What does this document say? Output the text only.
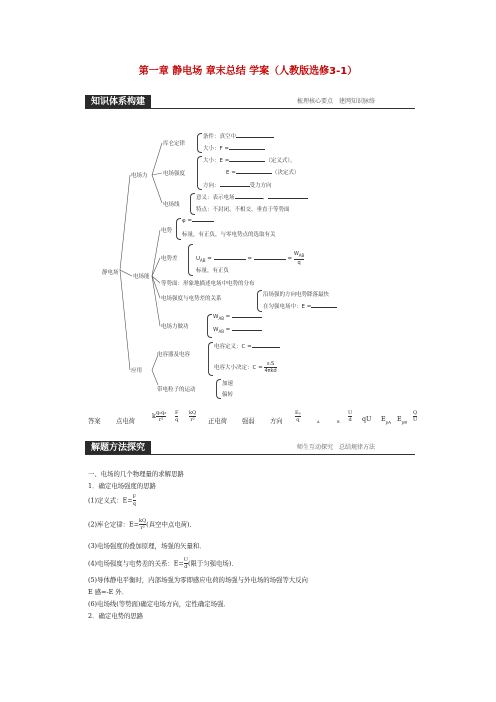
第一章 静电场 章末总结 学案（人教版选修3-1）
知识体系构建	梳理核心要点　建网知识脉络
静电场
电场力
电场能
应用
库仑定律
条件：真空中
大小：F =
电场强度
大小：E =	（定义式），
E =	（决定式）
方向：	受力方向
电场线
意义：表示电场	、
特点：不封闭、不相交、垂直于等势面
电势
φ =
标量，有正负，与零电势点的选取有关
电势差	$U_{AB}$ =	=	= $\frac{W_{AB}}{q}$
标量，有正负
等势面：形象地描述电场中电势的分布
电场强度与电势差的关系
沿场强的方向电势降落最快
在匀强电场中：E =
电场力做功
$W_{AB}$ =
$W_{AB}$ =
电容器及电容
电容定义：C =
电容大小决定：$C = \frac{\text{εᵣS}}{\text{4πkd}}$
带电粒子的运动
加速
偏转
答案 点电荷
k $\frac{\text{q₁q₂}}{\text{r²}} \frac{F}{q} \frac{kQ}{\text{r²}}$ 正电荷 强弱 方向 $\frac{\text{Eₚ}}{q}$	A	B $\frac{U}{d}$ qU $E_{pA}$ $E_{pB} \frac{Q}{U}$
解题方法探究	师生互动探究　总结规律方法
一、电场的几个物理量的求解思路
1．确定电场强度的思路
(1)定义式：$E= \frac{F}{q}$
(2)库仑定律：$E= \frac{kQ}{\text{r²}}$ (真空中点电荷)．
(3)电场强度的叠加原理，场强的矢量和．
(4)电场强度与电势差的关系：$E= \frac{U}{d}$ (限于匀强电场)．
(5)导体静电平衡时，内部场强为零即感应电荷的场强与外电场的场强等大反向
E 感=-E 外．
(6)电场线(等势面)确定电场方向，定性确定场强．
2．确定电势的思路
